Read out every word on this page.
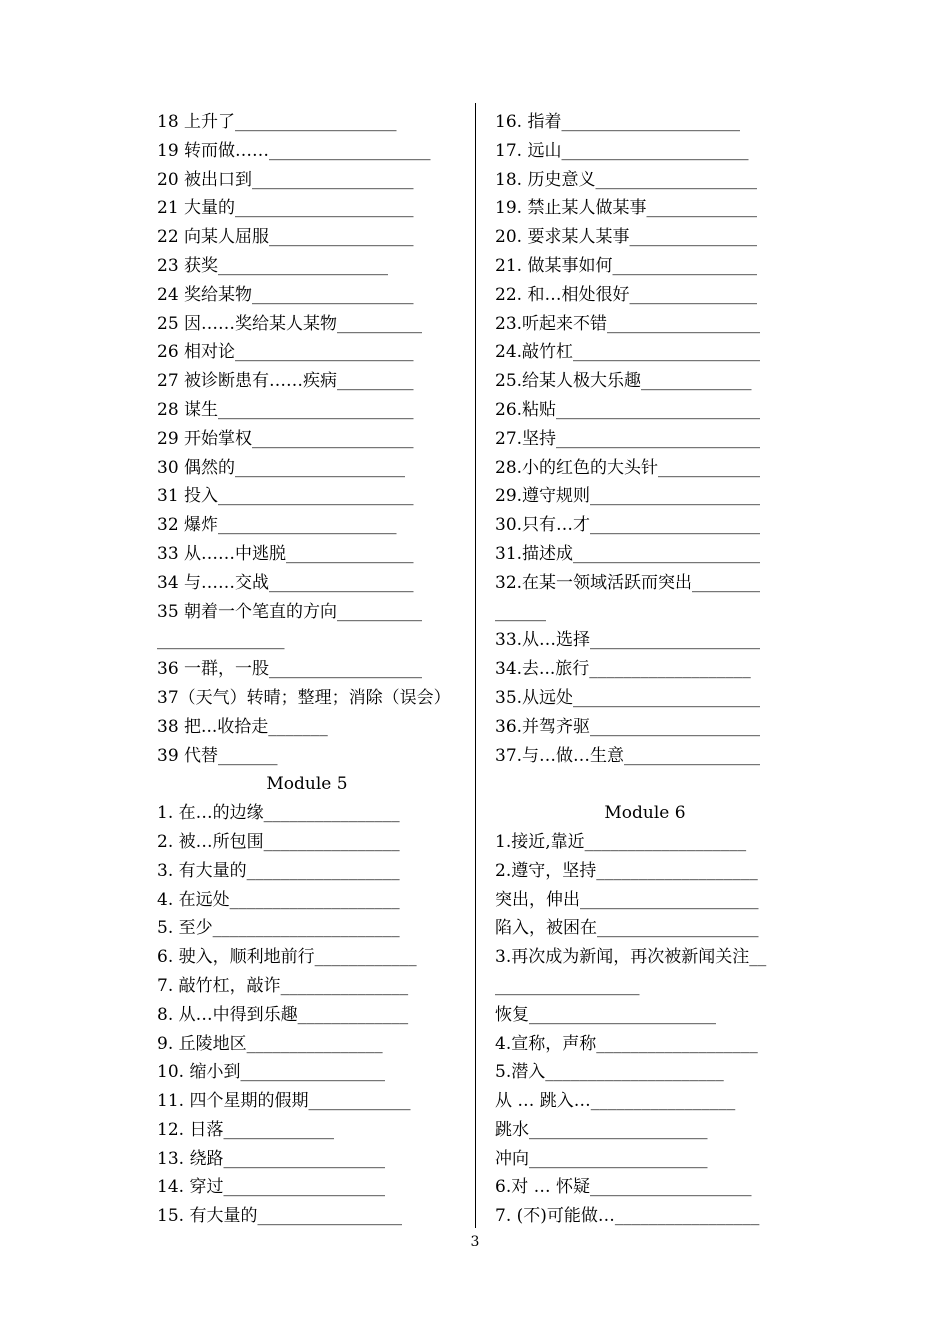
18 上升了___________________
19 转而做……___________________
20 被出口到___________________
21 大量的_____________________
22 向某人屈服_________________
23 获奖____________________
24 奖给某物___________________
25 因……奖给某人某物__________
26 相对论_____________________
27 被诊断患有……疾病_________
28 谋生_______________________
29 开始掌权___________________
30 偶然的____________________
31 投入_______________________
32 爆炸_____________________
33 从……中逃脱_______________
34 与……交战_________________
35 朝着一个笔直的方向__________
_______________
36 一群，一股__________________
37（天气）转晴；整理；消除（误会）
38 把...收拾走_______
39 代替_______
Module 5
1. 在…的边缘________________
2. 被…所包围________________
3. 有大量的__________________
4. 在远处____________________
5. 至少______________________
6. 驶入，顺利地前行____________
7. 敲竹杠，敲诈_______________
8. 从…中得到乐趣_____________
9. 丘陵地区________________
10. 缩小到_________________
11. 四个星期的假期____________
12. 日落_____________
13. 绕路___________________
14. 穿过___________________
15. 有大量的_________________
16. 指着_____________________
17. 远山______________________
18. 历史意义___________________
19. 禁止某人做某事_____________
20. 要求某人某事_______________
21. 做某事如何_________________
22. 和…相处很好_______________
23.听起来不错__________________
24.敲竹杠______________________
25.给某人极大乐趣_____________
26.粘贴________________________
27.坚持________________________
28.小的红色的大头针____________
29.遵守规则____________________
30.只有…才____________________
31.描述成______________________
32.在某一领域活跃而突出________
______
33.从…选择____________________
34.去...旅行___________________
35.从远处______________________
36.并驾齐驱____________________
37.与…做…生意________________
Module 6
1.接近,靠近___________________
2.遵守，坚持___________________
突出，伸出_____________________
陷入，被困在___________________
3.再次成为新闻，再次被新闻关注__
_________________
恢复______________________
4.宣称，声称___________________
5.潜入_____________________
从 … 跳入…_________________
跳水_____________________
冲向_____________________
6.对 … 怀疑___________________
7. (不)可能做…_________________
3
